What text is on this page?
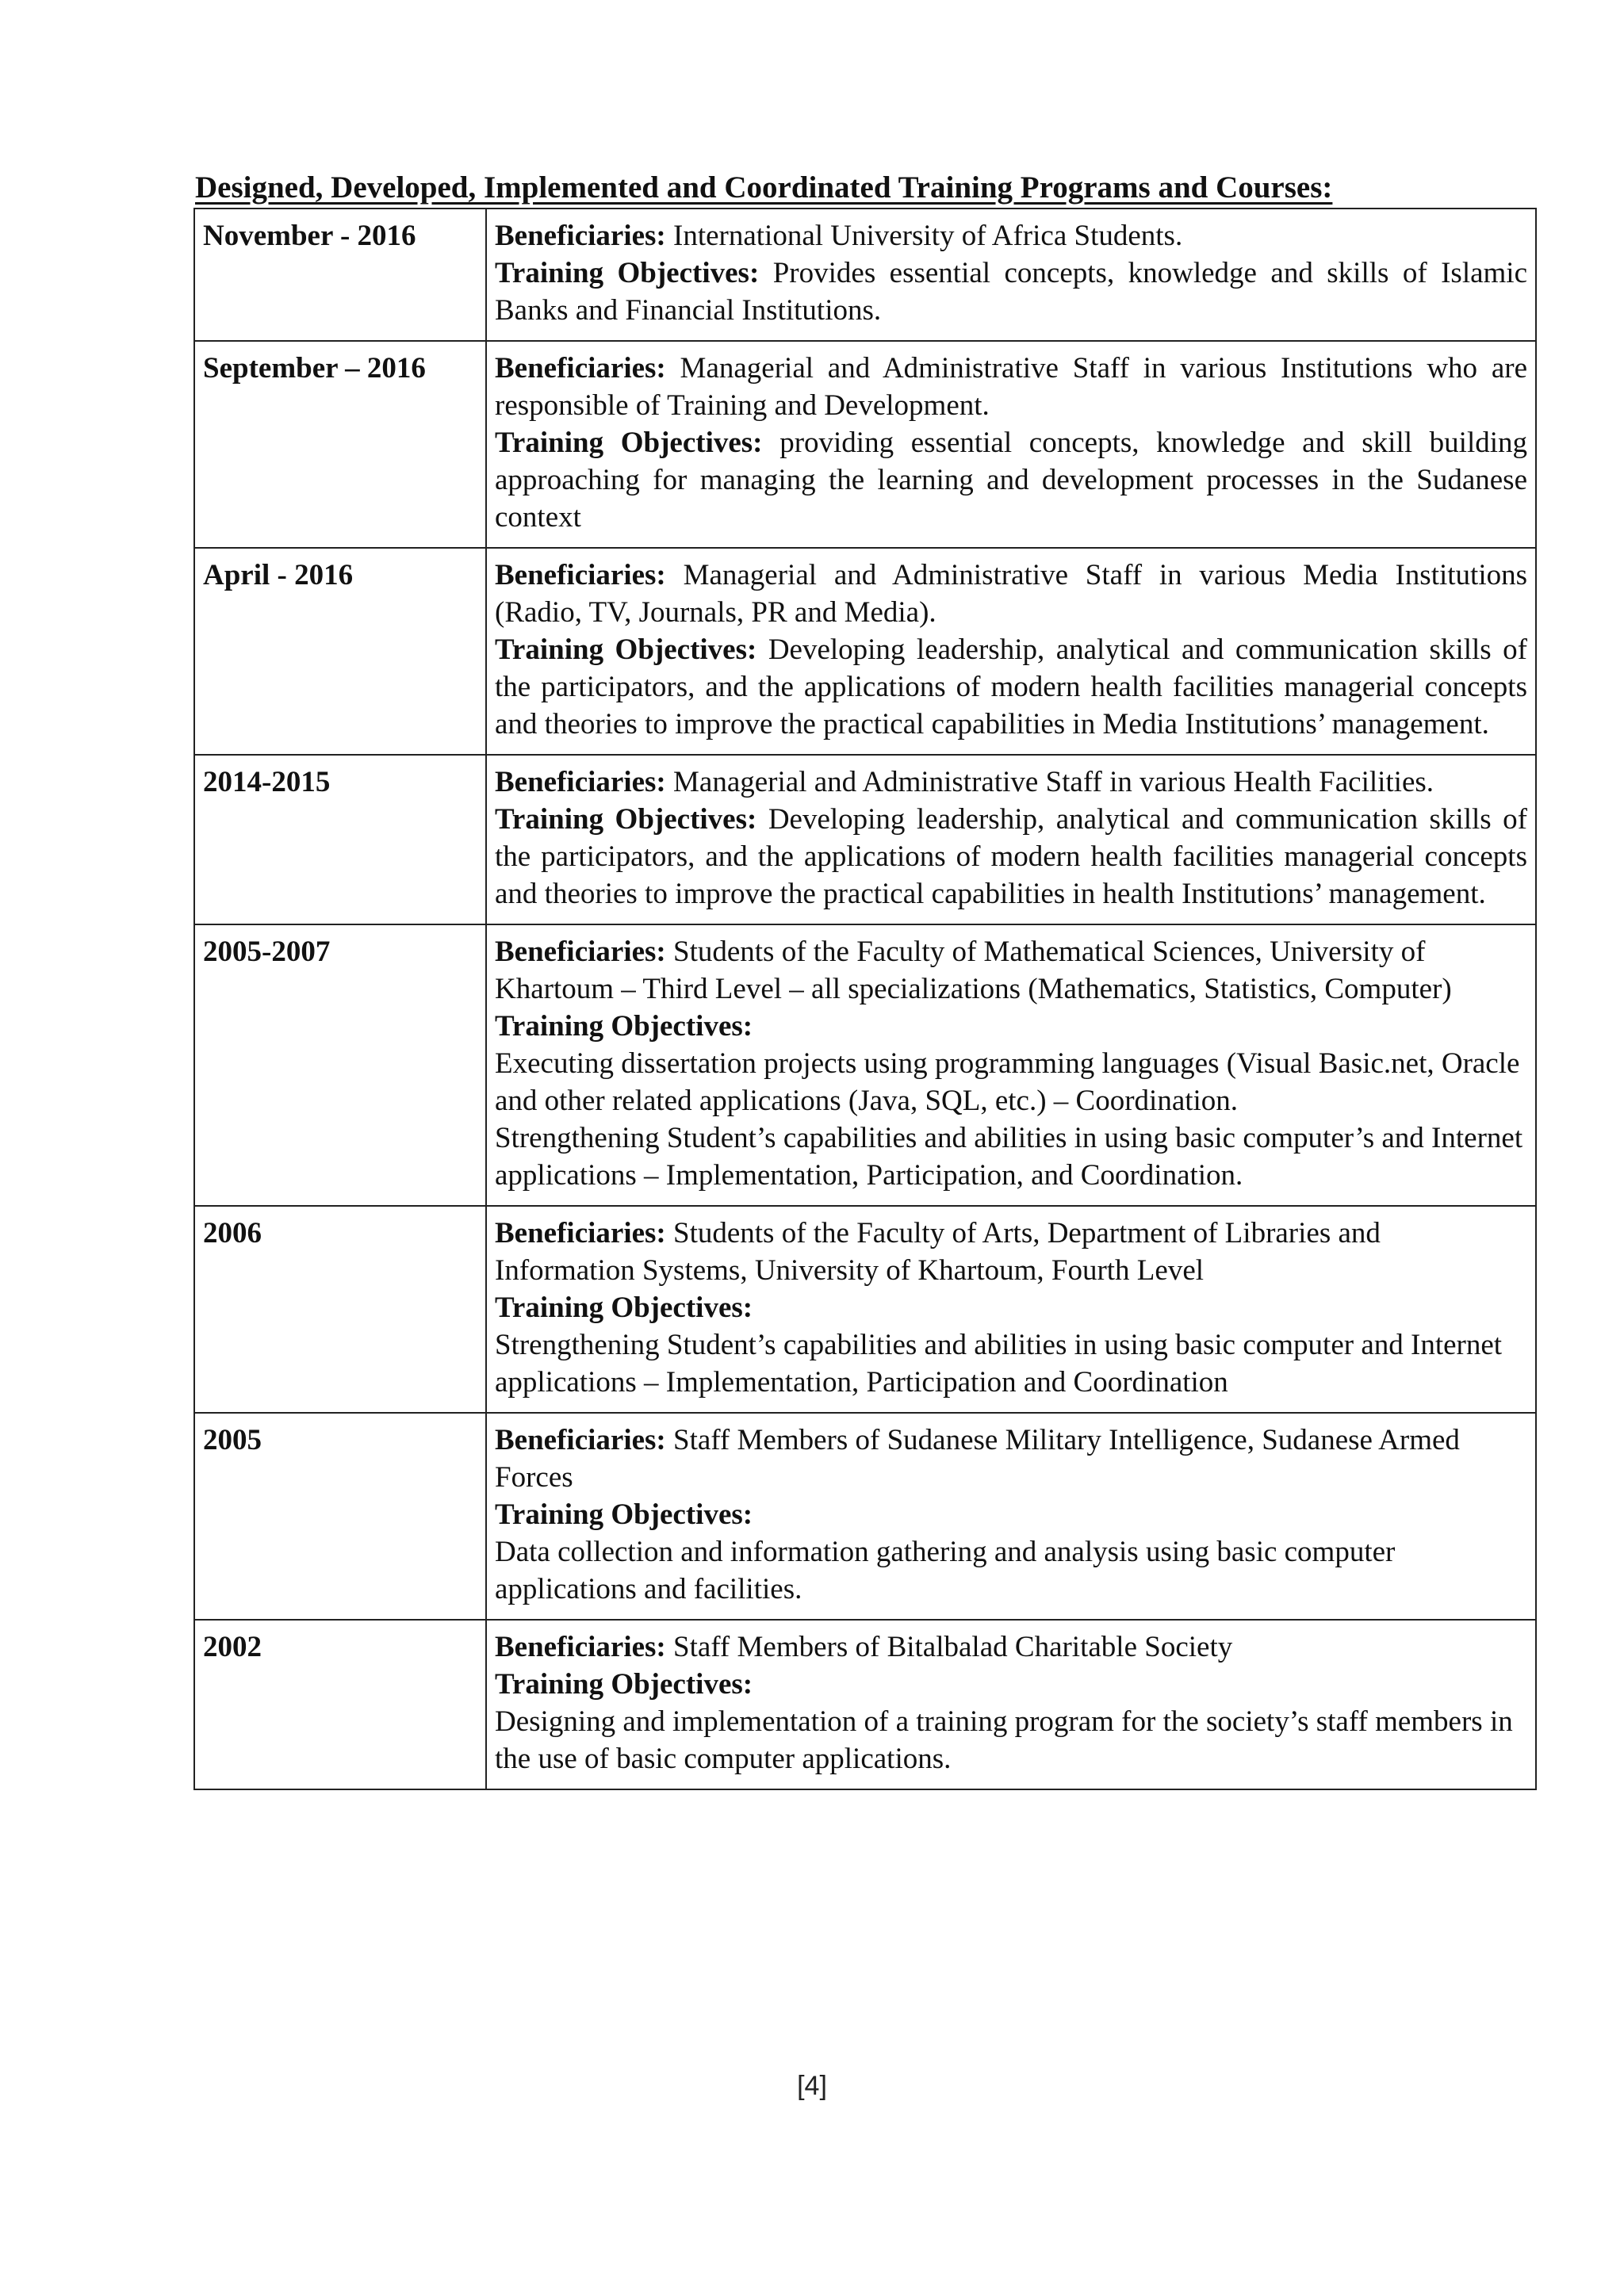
Designed, Developed, Implemented and Coordinated Training Programs and Courses:
November - 2016	Beneficiaries: International University of Africa Students.

Training Objectives: Provides essential concepts, knowledge and skills of Islamic Banks and Financial Institutions.

September – 2016	Beneficiaries: Managerial and Administrative Staff in various Institutions who are responsible of Training and Development.

Training Objectives: providing essential concepts, knowledge and skill building approaching for managing the learning and development processes in the Sudanese context

April - 2016	Beneficiaries: Managerial and Administrative Staff in various Media Institutions (Radio, TV, Journals, PR and Media).

Training Objectives: Developing leadership, analytical and communication skills of the participators, and the applications of modern health facilities managerial concepts and theories to improve the practical capabilities in Media Institutions’ management.

2014-2015	Beneficiaries: Managerial and Administrative Staff in various Health Facilities.

Training Objectives: Developing leadership, analytical and communication skills of the participators, and the applications of modern health facilities managerial concepts and theories to improve the practical capabilities in health Institutions’ management.

2005-2007	Beneficiaries: Students of the Faculty of Mathematical Sciences, University of Khartoum – Third Level – all specializations (Mathematics, Statistics, Computer)

Training Objectives:

Executing dissertation projects using programming languages (Visual Basic.net, Oracle and other related applications (Java, SQL, etc.) – Coordination.

Strengthening Student’s capabilities and abilities in using basic computer’s and Internet applications – Implementation, Participation, and Coordination.

2006	Beneficiaries: Students of the Faculty of Arts, Department of Libraries and Information Systems, University of Khartoum, Fourth Level

Training Objectives:

Strengthening Student’s capabilities and abilities in using basic computer and Internet applications – Implementation, Participation and Coordination

2005	Beneficiaries: Staff Members of Sudanese Military Intelligence, Sudanese Armed Forces

Training Objectives:

Data collection and information gathering and analysis using basic computer applications and facilities.

2002	Beneficiaries: Staff Members of Bitalbalad Charitable Society

Training Objectives:

Designing and implementation of a training program for the society’s staff members in the use of basic computer applications.

[4]
